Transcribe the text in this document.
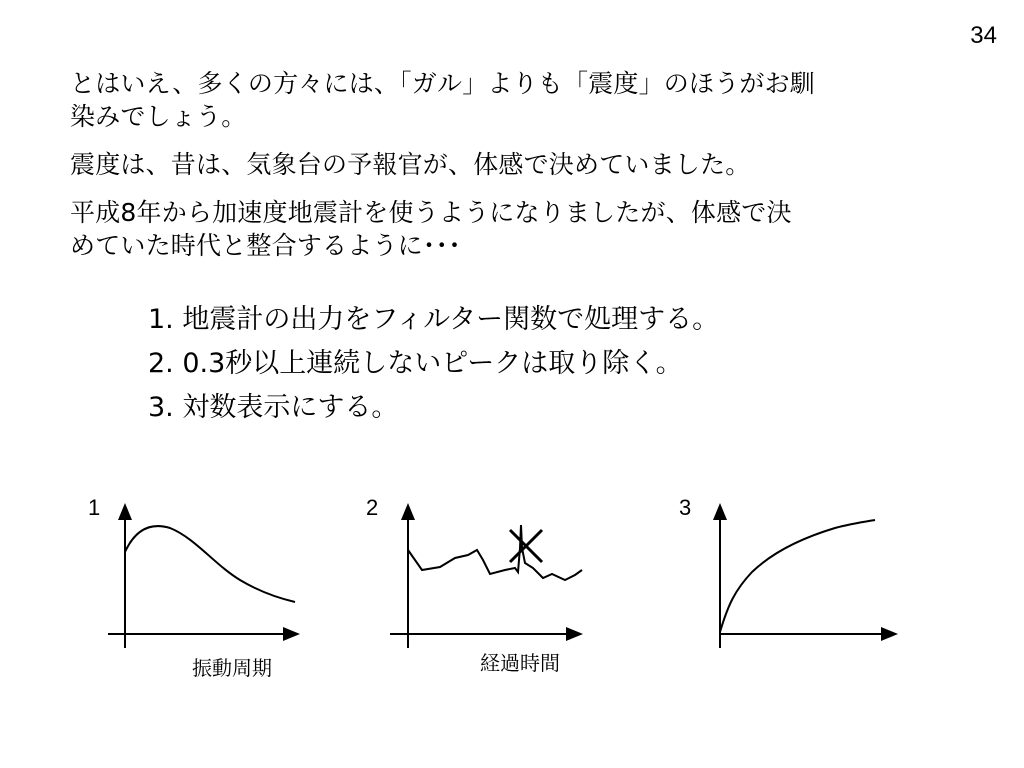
34
とはいえ、多くの方々には、「ガル」よりも「震度」のほうがお馴
染みでしょう。
震度は、昔は、気象台の予報官が、体感で決めていました。
平成8年から加速度地震計を使うようになりましたが、体感で決
めていた時代と整合するように･･･
1. 地震計の出力をフィルター関数で処理する。
2. 0.3秒以上連続しないピークは取り除く。
3. 対数表示にする。
1
振動周期
2
経過時間
3
